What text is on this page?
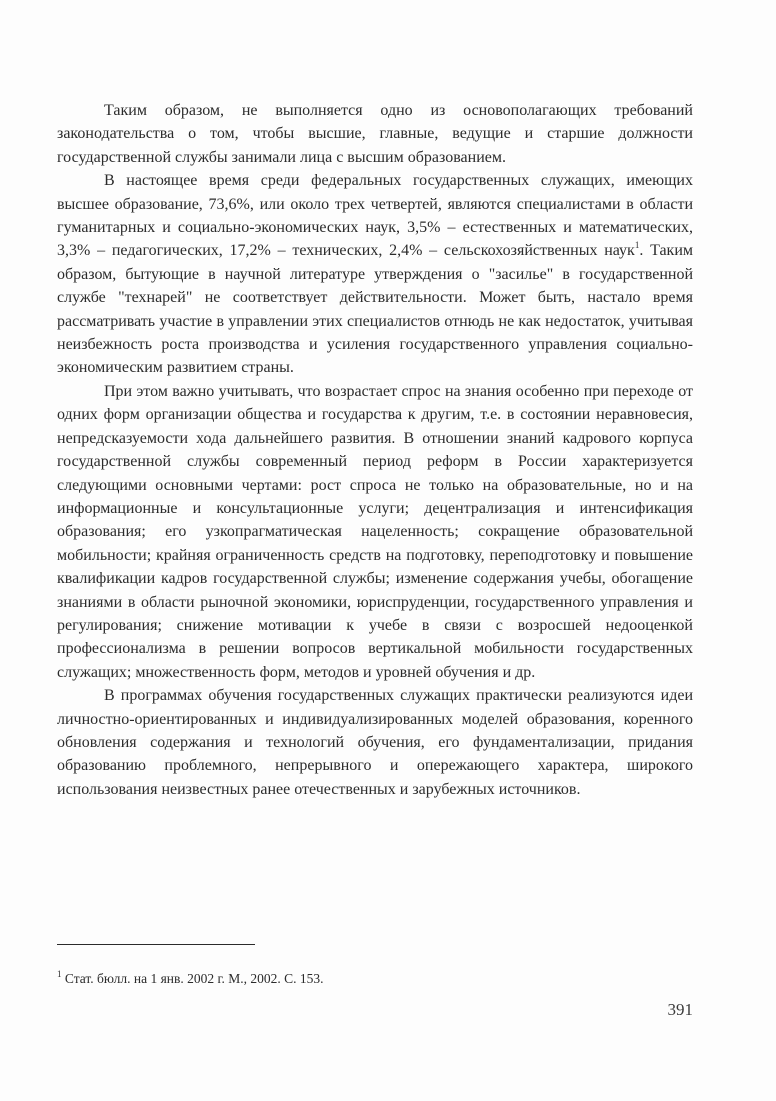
Таким образом, не выполняется одно из основополагающих требований законодательства о том, чтобы высшие, главные, ведущие и старшие должности государственной службы занимали лица с высшим образованием.

В настоящее время среди федеральных государственных служащих, имеющих высшее образование, 73,6%, или около трех четвертей, являются специалистами в области гуманитарных и социально-экономических наук, 3,5% – естественных и математических, 3,3% – педагогических, 17,2% – технических, 2,4% – сельскохозяйственных наук$^1$. Таким образом, бытующие в научной литературе утверждения о "засилье" в государственной службе "технарей" не соответствует действительности. Может быть, настало время рассматривать участие в управлении этих специалистов отнюдь не как недостаток, учитывая неизбежность роста производства и усиления государственного управления социально-экономическим развитием страны.

При этом важно учитывать, что возрастает спрос на знания особенно при переходе от одних форм организации общества и государства к другим, т.е. в состоянии неравновесия, непредсказуемости хода дальнейшего развития. В отношении знаний кадрового корпуса государственной службы современный период реформ в России характеризуется следующими основными чертами: рост спроса не только на образовательные, но и на информационные и консультационные услуги; децентрализация и интенсификация образования; его узкопрагматическая нацеленность; сокращение образовательной мобильности; крайняя ограниченность средств на подготовку, переподготовку и повышение квалификации кадров государственной службы; изменение содержания учебы, обогащение знаниями в области рыночной экономики, юриспруденции, государственного управления и регулирования; снижение мотивации к учебе в связи с возросшей недооценкой профессионализма в решении вопросов вертикальной мобильности государственных служащих; множественность форм, методов и уровней обучения и др.

В программах обучения государственных служащих практически реализуются идеи личностно-ориентированных и индивидуализированных моделей образования, коренного обновления содержания и технологий обучения, его фундаментализации, придания образованию проблемного, непрерывного и опережающего характера, широкого использования неизвестных ранее отечественных и зарубежных источников.

$^1$ Стат. бюлл. на 1 янв. 2002 г. М., 2002. С. 153.
391
